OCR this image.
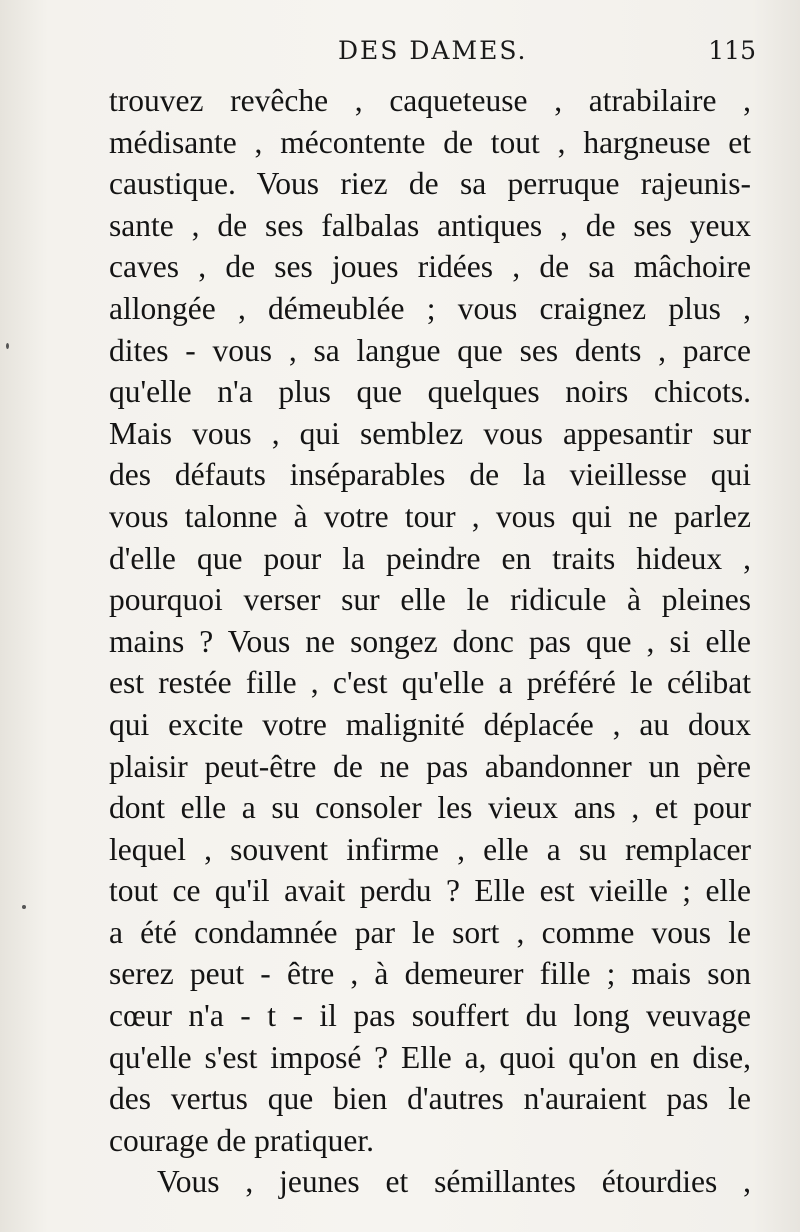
DES DAMES.	115
trouvez revêche , caqueteuse , atrabilaire ,
médisante , mécontente de tout , hargneuse et
caustique. Vous riez de sa perruque rajeunis-
sante , de ses falbalas antiques , de ses yeux
caves , de ses joues ridées , de sa mâchoire
allongée , démeublée ; vous craignez plus ,
dites - vous , sa langue que ses dents , parce
qu'elle n'a plus que quelques noirs chicots.
Mais vous , qui semblez vous appesantir sur
des défauts inséparables de la vieillesse qui
vous talonne à votre tour , vous qui ne parlez
d'elle que pour la peindre en traits hideux ,
pourquoi verser sur elle le ridicule à pleines
mains ? Vous ne songez donc pas que , si elle
est restée fille , c'est qu'elle a préféré le célibat
qui excite votre malignité déplacée , au doux
plaisir peut-être de ne pas abandonner un père
dont elle a su consoler les vieux ans , et pour
lequel , souvent infirme , elle a su remplacer
tout ce qu'il avait perdu ? Elle est vieille ; elle
a été condamnée par le sort , comme vous le
serez peut - être , à demeurer fille ; mais son
cœur n'a - t - il pas souffert du long veuvage
qu'elle s'est imposé ? Elle a, quoi qu'on en dise,
des vertus que bien d'autres n'auraient pas le
courage de pratiquer.
Vous , jeunes et sémillantes étourdies ,
